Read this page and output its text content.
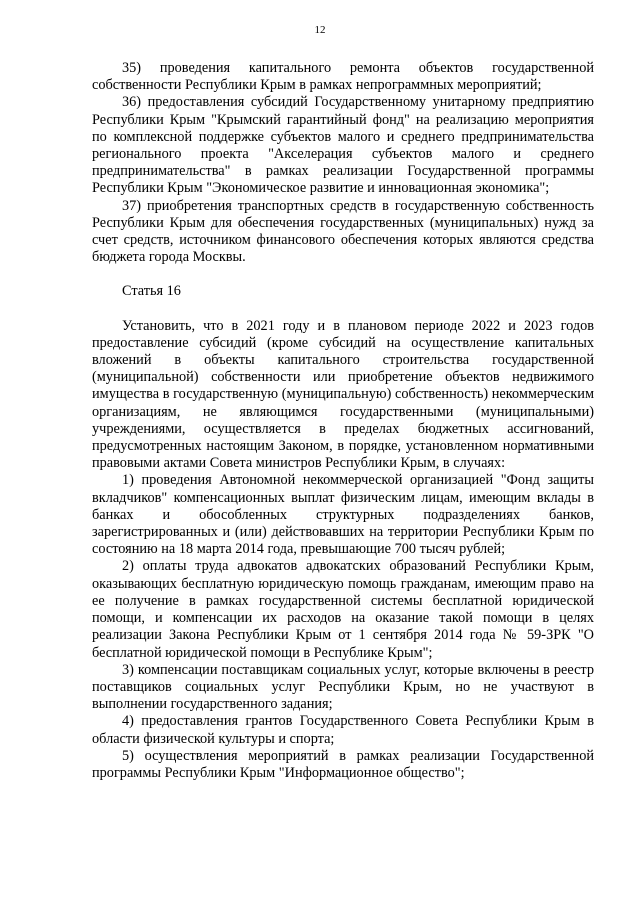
12

35) проведения капитального ремонта объектов государственной собственности Республики Крым в рамках непрограммных мероприятий;

36) предоставления субсидий Государственному унитарному предприятию Республики Крым "Крымский гарантийный фонд" на реализацию мероприятия по комплексной поддержке субъектов малого и среднего предпринимательства регионального проекта "Акселерация субъектов малого и среднего предпринимательства" в рамках реализации Государственной программы Республики Крым "Экономическое развитие и инновационная экономика";

37) приобретения транспортных средств в государственную собственность Республики Крым для обеспечения государственных (муниципальных) нужд за счет средств, источником финансового обеспечения которых являются средства бюджета города Москвы.

Статья 16

Установить, что в 2021 году и в плановом периоде 2022 и 2023 годов предоставление субсидий (кроме субсидий на осуществление капитальных вложений в объекты капитального строительства государственной (муниципальной) собственности или приобретение объектов недвижимого имущества в государственную (муниципальную) собственность) некоммерческим организациям, не являющимся государственными (муниципальными) учреждениями, осуществляется в пределах бюджетных ассигнований, предусмотренных настоящим Законом, в порядке, установленном нормативными правовыми актами Совета министров Республики Крым, в случаях:

1) проведения Автономной некоммерческой организацией "Фонд защиты вкладчиков" компенсационных выплат физическим лицам, имеющим вклады в банках и обособленных структурных подразделениях банков, зарегистрированных и (или) действовавших на территории Республики Крым по состоянию на 18 марта 2014 года, превышающие 700 тысяч рублей;

2) оплаты труда адвокатов адвокатских образований Республики Крым, оказывающих бесплатную юридическую помощь гражданам, имеющим право на ее получение в рамках государственной системы бесплатной юридической помощи, и компенсации их расходов на оказание такой помощи в целях реализации Закона Республики Крым от 1 сентября 2014 года № 59-ЗРК "О бесплатной юридической помощи в Республике Крым";

3) компенсации поставщикам социальных услуг, которые включены в реестр поставщиков социальных услуг Республики Крым, но не участвуют в выполнении государственного задания;

4) предоставления грантов Государственного Совета Республики Крым в области физической культуры и спорта;

5) осуществления мероприятий в рамках реализации Государственной программы Республики Крым "Информационное общество";
